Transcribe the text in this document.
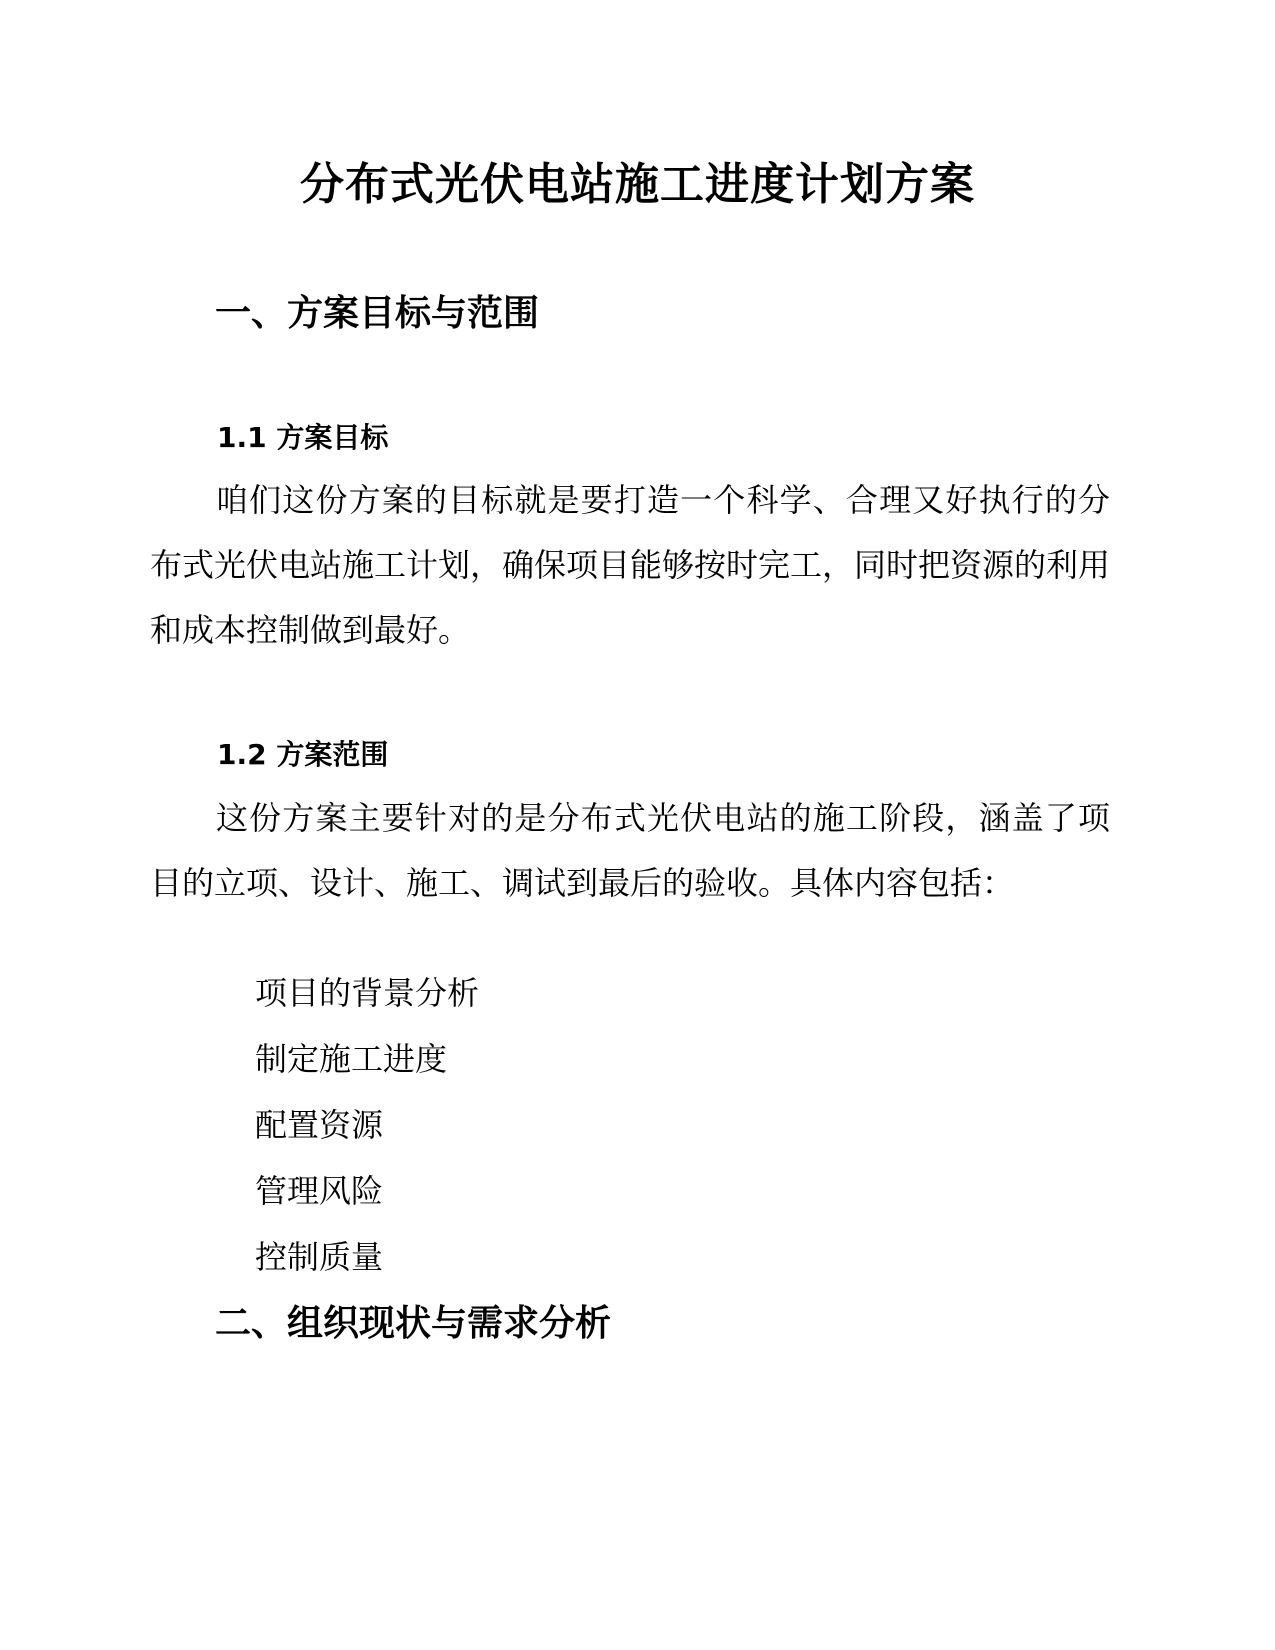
分布式光伏电站施工进度计划方案
一、方案目标与范围
1.1 方案目标

咱们这份方案的目标就是要打造一个科学、合理又好执行的分布式光伏电站施工计划，确保项目能够按时完工，同时把资源的利用和成本控制做到最好。

1.2 方案范围

这份方案主要针对的是分布式光伏电站的施工阶段，涵盖了项目的立项、设计、施工、调试到最后的验收。具体内容包括：

项目的背景分析
制定施工进度
配置资源
管理风险
控制质量
二、组织现状与需求分析
